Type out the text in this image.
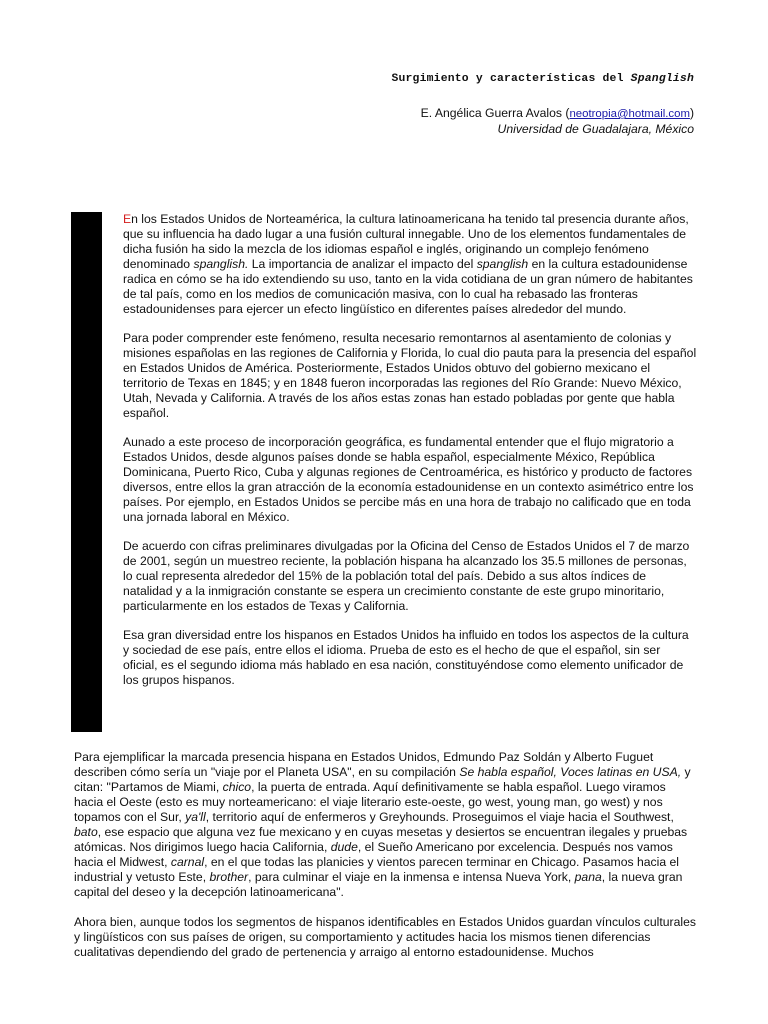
Surgimiento y características del Spanglish
E. Angélica Guerra Avalos (neotropia@hotmail.com)
Universidad de Guadalajara, México

En los Estados Unidos de Norteamérica, la cultura latinoamericana ha tenido tal presencia durante años, que su influencia ha dado lugar a una fusión cultural innegable. Uno de los elementos fundamentales de dicha fusión ha sido la mezcla de los idiomas español e inglés, originando un complejo fenómeno denominado spanglish. La importancia de analizar el impacto del spanglish en la cultura estadounidense radica en cómo se ha ido extendiendo su uso, tanto en la vida cotidiana de un gran número de habitantes de tal país, como en los medios de comunicación masiva, con lo cual ha rebasado las fronteras estadounidenses para ejercer un efecto lingüístico en diferentes países alrededor del mundo.

Para poder comprender este fenómeno, resulta necesario remontarnos al asentamiento de colonias y misiones españolas en las regiones de California y Florida, lo cual dio pauta para la presencia del español en Estados Unidos de América. Posteriormente, Estados Unidos obtuvo del gobierno mexicano el territorio de Texas en 1845; y en 1848 fueron incorporadas las regiones del Río Grande: Nuevo México, Utah, Nevada y California. A través de los años estas zonas han estado pobladas por gente que habla español.

Aunado a este proceso de incorporación geográfica, es fundamental entender que el flujo migratorio a Estados Unidos, desde algunos países donde se habla español, especialmente México, República Dominicana, Puerto Rico, Cuba y algunas regiones de Centroamérica, es histórico y producto de factores diversos, entre ellos la gran atracción de la economía estadounidense en un contexto asimétrico entre los países. Por ejemplo, en Estados Unidos se percibe más en una hora de trabajo no calificado que en toda una jornada laboral en México.

De acuerdo con cifras preliminares divulgadas por la Oficina del Censo de Estados Unidos el 7 de marzo de 2001, según un muestreo reciente, la población hispana ha alcanzado los 35.5 millones de personas, lo cual representa alrededor del 15% de la población total del país. Debido a sus altos índices de natalidad y a la inmigración constante se espera un crecimiento constante de este grupo minoritario, particularmente en los estados de Texas y California.

Esa gran diversidad entre los hispanos en Estados Unidos ha influido en todos los aspectos de la cultura y sociedad de ese país, entre ellos el idioma. Prueba de esto es el hecho de que el español, sin ser oficial, es el segundo idioma más hablado en esa nación, constituyéndose como elemento unificador de los grupos hispanos.

Para ejemplificar la marcada presencia hispana en Estados Unidos, Edmundo Paz Soldán y Alberto Fuguet describen cómo sería un "viaje por el Planeta USA", en su compilación Se habla español, Voces latinas en USA, y citan: "Partamos de Miami, chico, la puerta de entrada. Aquí definitivamente se habla español. Luego viramos hacia el Oeste (esto es muy norteamericano: el viaje literario este-oeste, go west, young man, go west) y nos topamos con el Sur, ya'll, territorio aquí de enfermeros y Greyhounds. Proseguimos el viaje hacia el Southwest, bato, ese espacio que alguna vez fue mexicano y en cuyas mesetas y desiertos se encuentran ilegales y pruebas atómicas. Nos dirigimos luego hacia California, dude, el Sueño Americano por excelencia. Después nos vamos hacia el Midwest, carnal, en el que todas las planicies y vientos parecen terminar en Chicago. Pasamos hacia el industrial y vetusto Este, brother, para culminar el viaje en la inmensa e intensa Nueva York, pana, la nueva gran capital del deseo y la decepción latinoamericana".

Ahora bien, aunque todos los segmentos de hispanos identificables en Estados Unidos guardan vínculos culturales y lingüísticos con sus países de origen, su comportamiento y actitudes hacia los mismos tienen diferencias cualitativas dependiendo del grado de pertenencia y arraigo al entorno estadounidense. Muchos
